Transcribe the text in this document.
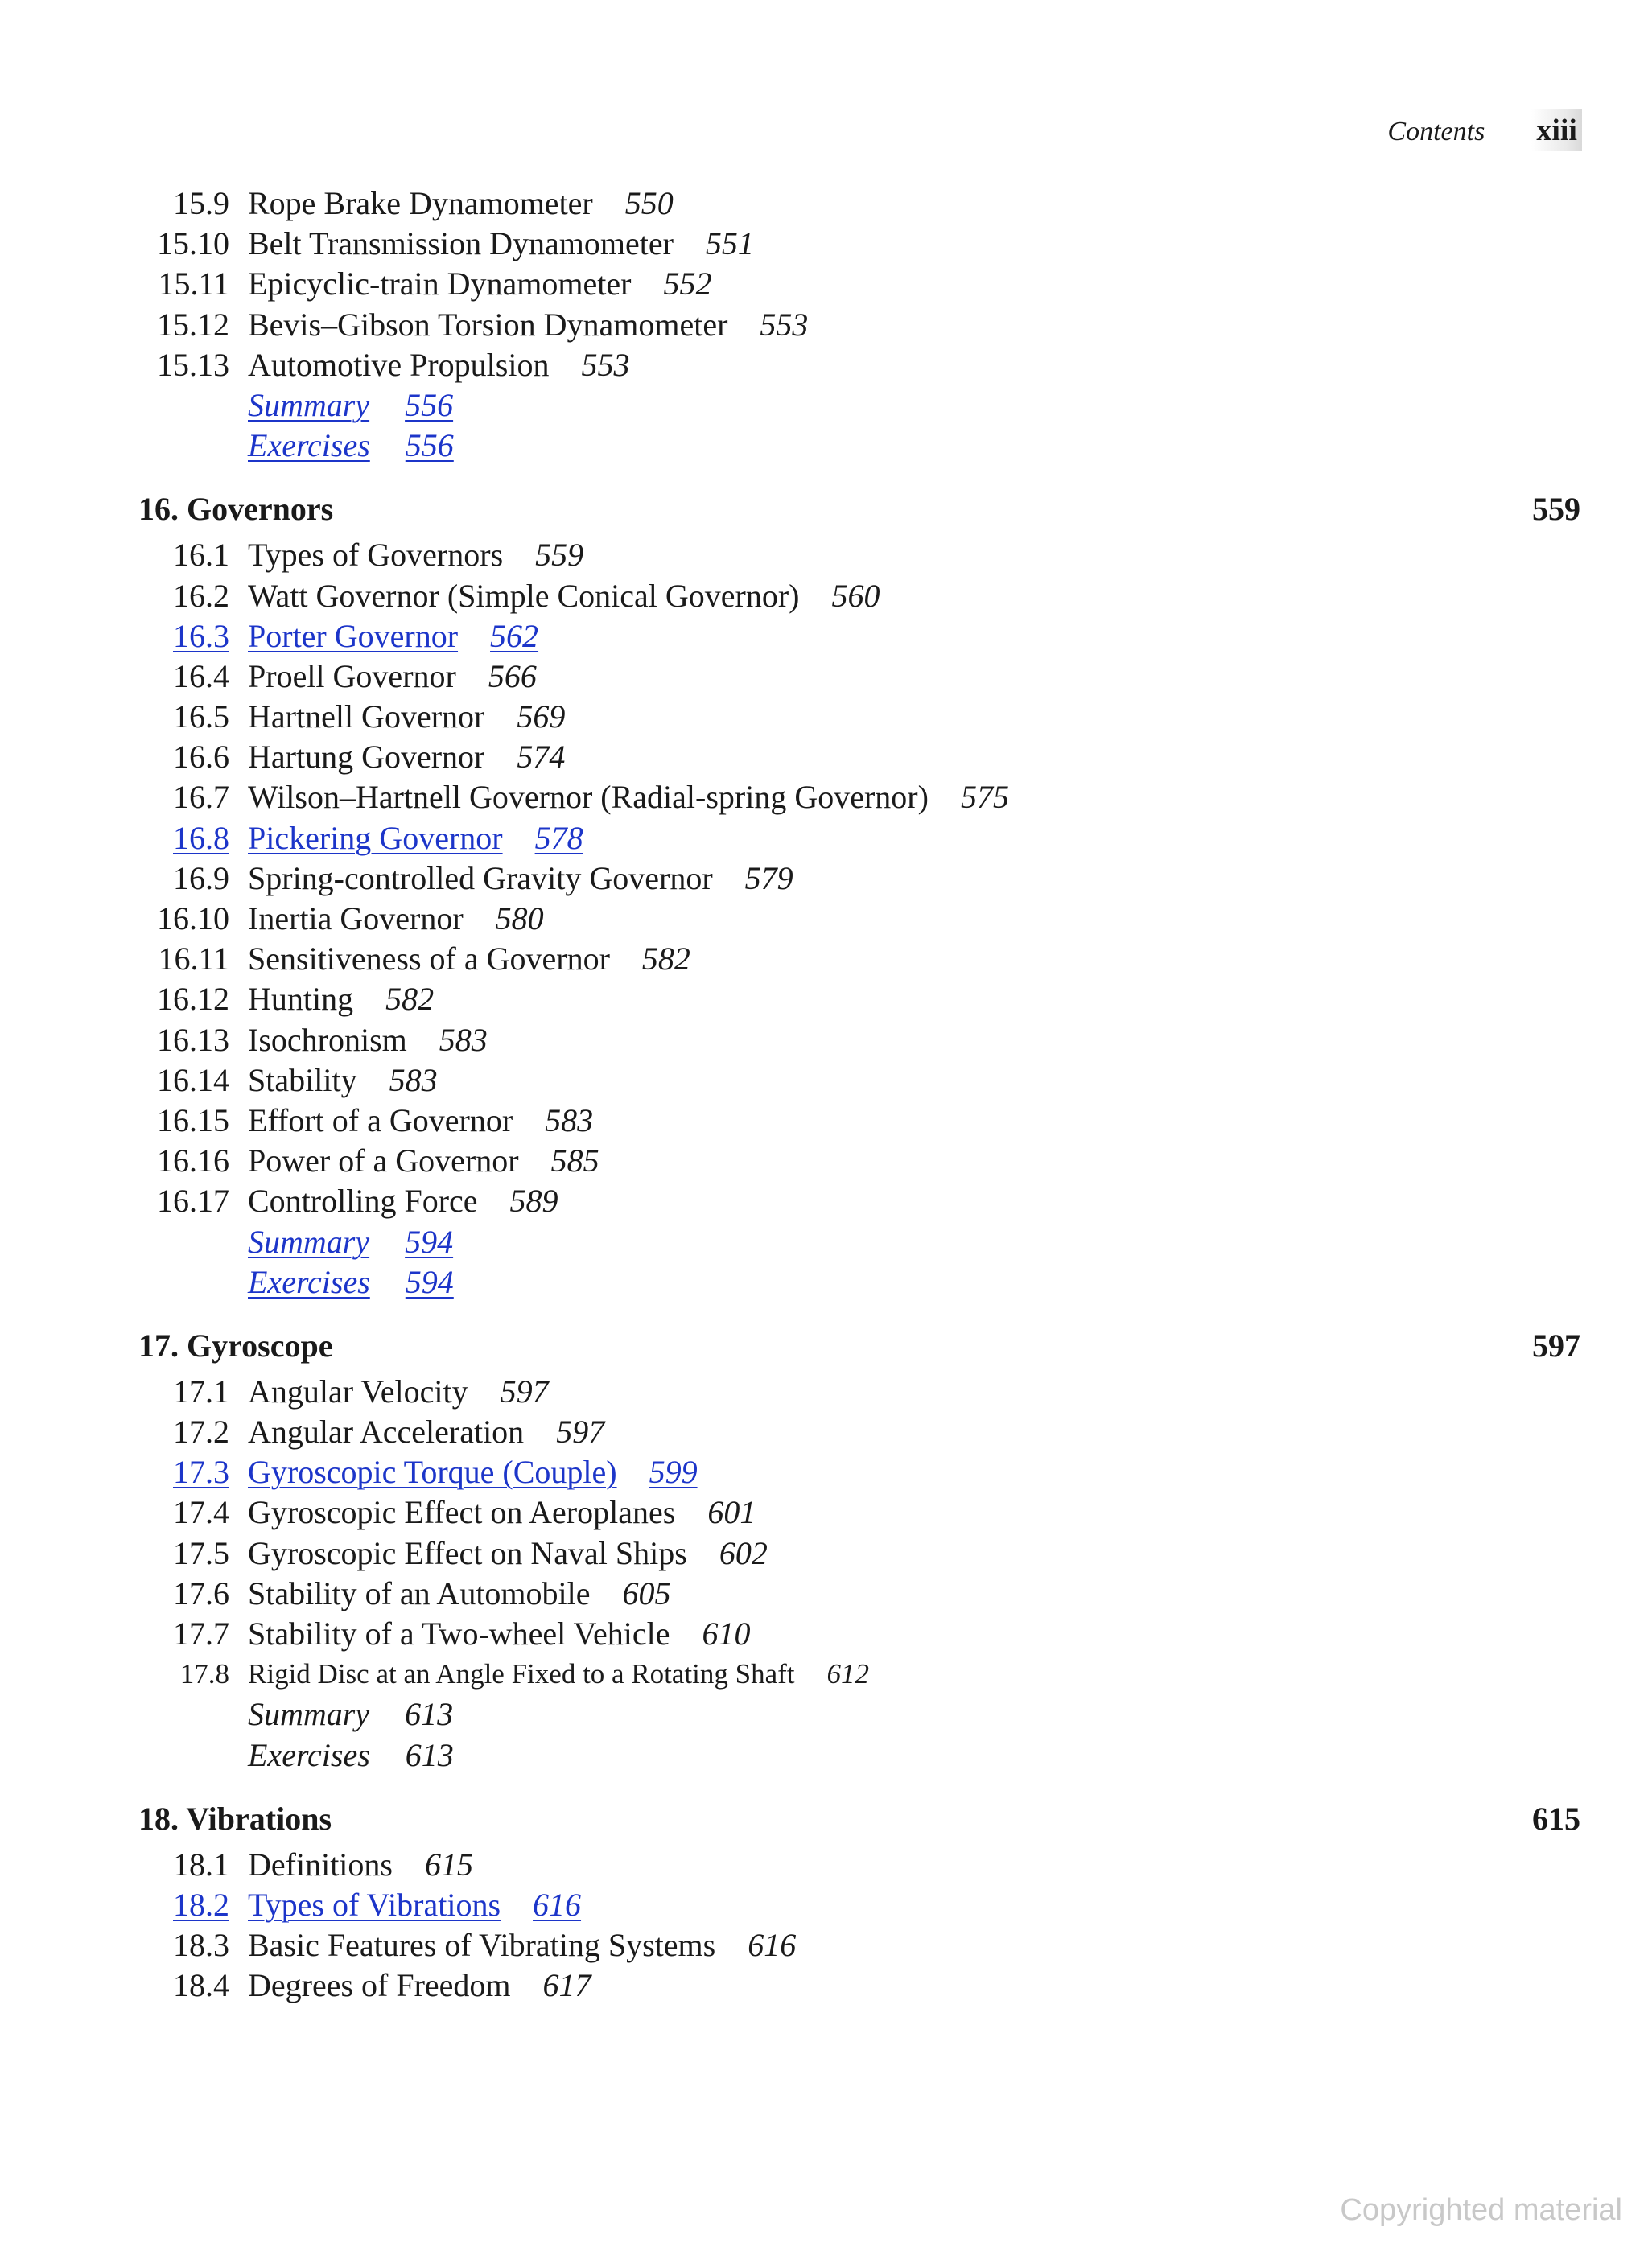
Contents xiii
15.9 Rope Brake Dynamometer 550
15.10 Belt Transmission Dynamometer 551
15.11 Epicyclic-train Dynamometer 552
15.12 Bevis–Gibson Torsion Dynamometer 553
15.13 Automotive Propulsion 553
Summary 556
Exercises 556
16. Governors	559
16.1 Types of Governors 559
16.2 Watt Governor (Simple Conical Governor) 560
16.3 Porter Governor 562
16.4 Proell Governor 566
16.5 Hartnell Governor 569
16.6 Hartung Governor 574
16.7 Wilson–Hartnell Governor (Radial-spring Governor) 575
16.8 Pickering Governor 578
16.9 Spring-controlled Gravity Governor 579
16.10 Inertia Governor 580
16.11 Sensitiveness of a Governor 582
16.12 Hunting 582
16.13 Isochronism 583
16.14 Stability 583
16.15 Effort of a Governor 583
16.16 Power of a Governor 585
16.17 Controlling Force 589
Summary 594
Exercises 594
17. Gyroscope	597
17.1 Angular Velocity 597
17.2 Angular Acceleration 597
17.3 Gyroscopic Torque (Couple) 599
17.4 Gyroscopic Effect on Aeroplanes 601
17.5 Gyroscopic Effect on Naval Ships 602
17.6 Stability of an Automobile 605
17.7 Stability of a Two-wheel Vehicle 610
17.8 Rigid Disc at an Angle Fixed to a Rotating Shaft 612
Summary 613
Exercises 613
18. Vibrations	615
18.1 Definitions 615
18.2 Types of Vibrations 616
18.3 Basic Features of Vibrating Systems 616
18.4 Degrees of Freedom 617
Copyrighted material
